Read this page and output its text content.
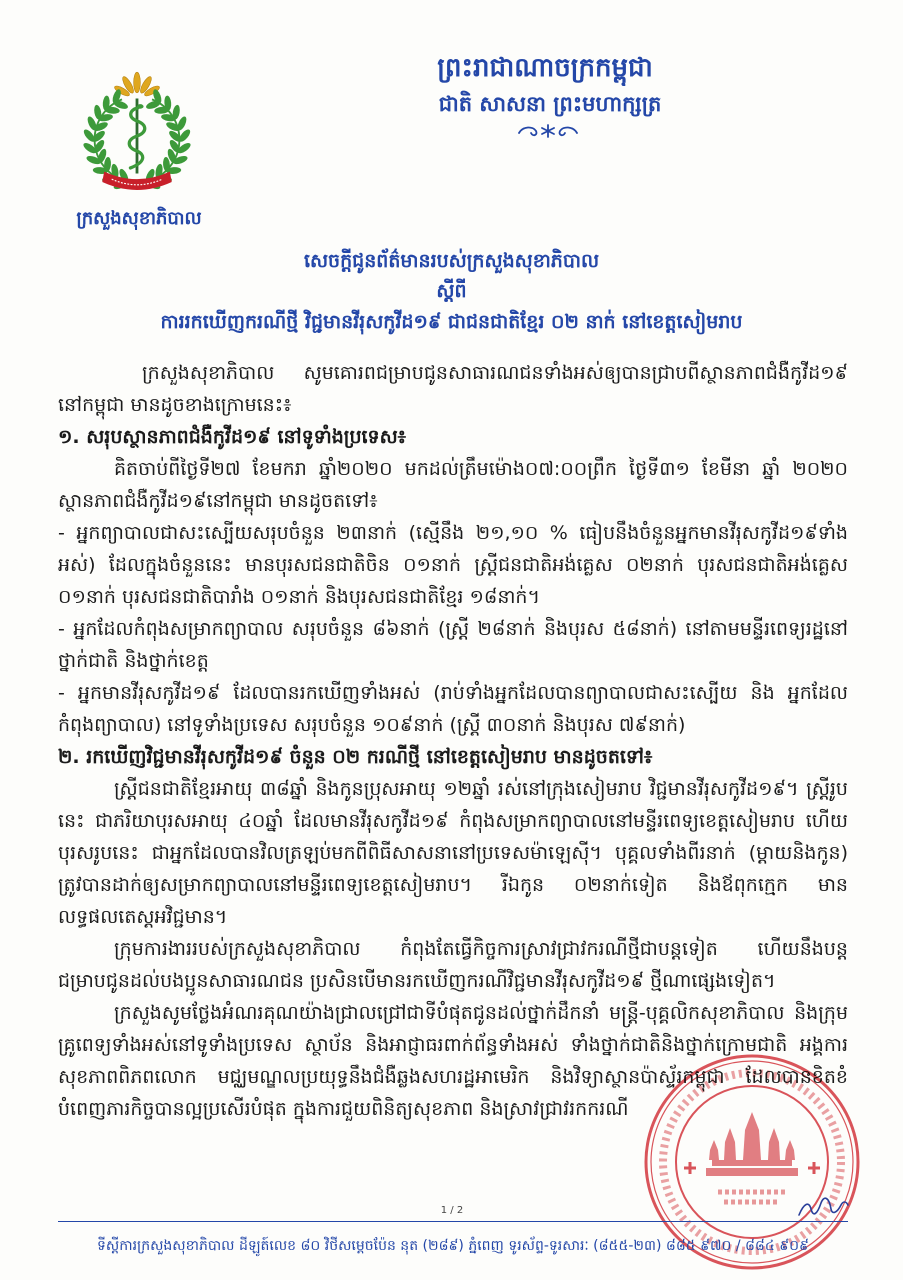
ក្រសួងសុខាភិបាល
ព្រះរាជាណាចក្រកម្ពុជា
ជាតិ សាសនា ព្រះមហាក្សត្រ
សេចក្តីជូនព័ត៌មានរបស់ក្រសួងសុខាភិបាល
ស្តីពី
ការរកឃើញករណីថ្មី វិជ្ជមានវីរុសកូវីដ១៩ ជាជនជាតិខ្មែរ ០២ នាក់ នៅខេត្តសៀមរាប

ក្រសួងសុខាភិបាល សូមគោរពជម្រាបជូនសាធារណជនទាំងអស់ឲ្យបានជ្រាបពីស្ថានភាពជំងឺកូវីដ១៩ នៅកម្ពុជា មានដូចខាងក្រោមនេះ៖

១. សរុបស្ថានភាពជំងឺកូវីដ១៩ នៅទូទាំងប្រទេស៖

គិតចាប់ពីថ្ងៃទី២៧ ខែមករា ឆ្នាំ២០២០ មកដល់ត្រឹមម៉ោង០៧:០០ព្រឹក ថ្ងៃទី៣១ ខែមីនា ឆ្នាំ ២០២០ ស្ថានភាពជំងឺកូវីដ១៩នៅកម្ពុជា មានដូចតទៅ៖

- អ្នកព្យាបាលជាសះស្បើយសរុបចំនួន ២៣នាក់ (ស្មើនឹង ២១,១០ % ធៀបនឹងចំនួនអ្នកមានវីរុសកូវីដ១៩ទាំងអស់) ដែលក្នុងចំនួននេះ មានបុរសជនជាតិចិន ០១នាក់ ស្ត្រីជនជាតិអង់គ្លេស ០២នាក់ បុរសជនជាតិអង់គ្លេស ០១នាក់ បុរសជនជាតិបារាំង ០១នាក់ និងបុរសជនជាតិខ្មែរ ១៨នាក់។

- អ្នកដែលកំពុងសម្រាកព្យាបាល សរុបចំនួន ៨៦នាក់ (ស្ត្រី ២៨នាក់ និងបុរស ៥៨នាក់) នៅតាមមន្ទីរពេទ្យរដ្ឋនៅថ្នាក់ជាតិ និងថ្នាក់ខេត្ត

- អ្នកមានវីរុសកូវីដ១៩ ដែលបានរកឃើញទាំងអស់ (រាប់ទាំងអ្នកដែលបានព្យាបាលជាសះស្បើយ និង អ្នកដែលកំពុងព្យាបាល) នៅទូទាំងប្រទេស សរុបចំនួន ១០៩នាក់ (ស្ត្រី ៣០នាក់ និងបុរស ៧៩នាក់)

២. រកឃើញវិជ្ជមានវីរុសកូវីដ១៩ ចំនួន ០២ ករណីថ្មី នៅខេត្តសៀមរាប មានដូចតទៅ៖

ស្ត្រីជនជាតិខ្មែរអាយុ ៣៨ឆ្នាំ និងកូនប្រុសអាយុ ១២ឆ្នាំ រស់នៅក្រុងសៀមរាប វិជ្ជមានវីរុសកូវីដ១៩។ ស្ត្រីរូបនេះ ជាភរិយាបុរសអាយុ ៤០ឆ្នាំ ដែលមានវីរុសកូវីដ១៩ កំពុងសម្រាកព្យាបាលនៅមន្ទីរពេទ្យខេត្តសៀមរាប ហើយបុរសរូបនេះ ជាអ្នកដែលបានវិលត្រឡប់មកពីពិធីសាសនានៅប្រទេសម៉ាឡេស៊ី។ បុគ្គលទាំងពីរនាក់ (ម្តាយនិងកូន) ត្រូវបានដាក់ឲ្យសម្រាកព្យាបាលនៅមន្ទីរពេទ្យខេត្តសៀមរាប។ រីឯកូន ០២នាក់ទៀត និងឪពុកក្មេក មានលទ្ធផលតេស្តអវិជ្ជមាន។

ក្រុមការងាររបស់ក្រសួងសុខាភិបាល កំពុងតែធ្វើកិច្ចការស្រាវជ្រាវករណីថ្មីជាបន្តទៀត ហើយនឹងបន្តជម្រាបជូនដល់បងប្អូនសាធារណជន ប្រសិនបើមានរកឃើញករណីវិជ្ជមានវីរុសកូវីដ១៩ ថ្មីណាផ្សេងទៀត។

ក្រសួងសូមថ្លែងអំណរគុណយ៉ាងជ្រាលជ្រៅជាទីបំផុតជូនដល់ថ្នាក់ដឹកនាំ មន្ត្រី-បុគ្គលិកសុខាភិបាល និងក្រុមគ្រូពេទ្យទាំងអស់នៅទូទាំងប្រទេស ស្ថាប័ន និងអាជ្ញាធរពាក់ព័ន្ធទាំងអស់ ទាំងថ្នាក់ជាតិនិងថ្នាក់ក្រោមជាតិ អង្គការសុខភាពពិភពលោក មជ្ឈមណ្ឌលប្រយុទ្ធនឹងជំងឺឆ្លងសហរដ្ឋអាមេរិក និងវិទ្យាស្ថានប៉ាស្ទ័រកម្ពុជា ដែលបានខិតខំបំពេញភារកិច្ចបានល្អប្រសើរបំផុត ក្នុងការជួយពិនិត្យសុខភាព និងស្រាវជ្រាវរកករណី

1 / 2
ទីស្តីការក្រសួងសុខាភិបាល ដីឡូត៍លេខ ៨០ វិថីសម្តេចប៉ែន នុត (២៨៩) ភ្នំពេញ ទូរស័ព្ទ-ទូរសារៈ (៨៥៥-២៣) ៨៨៥ ៩៧០ / ៨៨៤ ៩០៩
